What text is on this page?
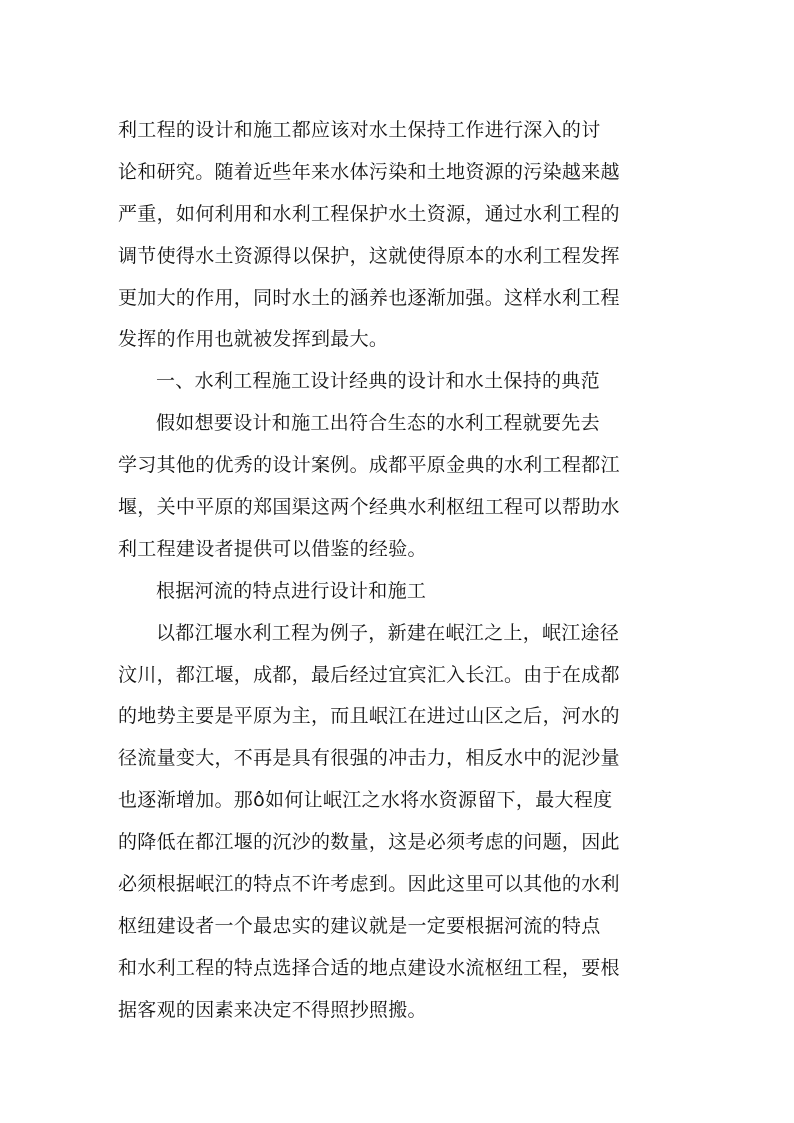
利工程的设计和施工都应该对水土保持工作进行深入的讨
论和研究。随着近些年来水体污染和土地资源的污染越来越
严重，如何利用和水利工程保护水土资源，通过水利工程的
调节使得水土资源得以保护，这就使得原本的水利工程发挥
更加大的作用，同时水土的涵养也逐渐加强。这样水利工程
发挥的作用也就被发挥到最大。
一、水利工程施工设计经典的设计和水土保持的典范
假如想要设计和施工出符合生态的水利工程就要先去
学习其他的优秀的设计案例。成都平原金典的水利工程都江
堰，关中平原的郑国渠这两个经典水利枢纽工程可以帮助水
利工程建设者提供可以借鉴的经验。
根据河流的特点进行设计和施工
以都江堰水利工程为例子，新建在岷江之上，岷江途径
汶川，都江堰，成都，最后经过宜宾汇入长江。由于在成都
的地势主要是平原为主，而且岷江在进过山区之后，河水的
径流量变大，不再是具有很强的冲击力，相反水中的泥沙量
也逐渐增加。那ô如何让岷江之水将水资源留下，最大程度
的降低在都江堰的沉沙的数量，这是必须考虑的问题，因此
必须根据岷江的特点不许考虑到。因此这里可以其他的水利
枢纽建设者一个最忠实的建议就是一定要根据河流的特点
和水利工程的特点选择合适的地点建设水流枢纽工程，要根
据客观的因素来决定不得照抄照搬。
